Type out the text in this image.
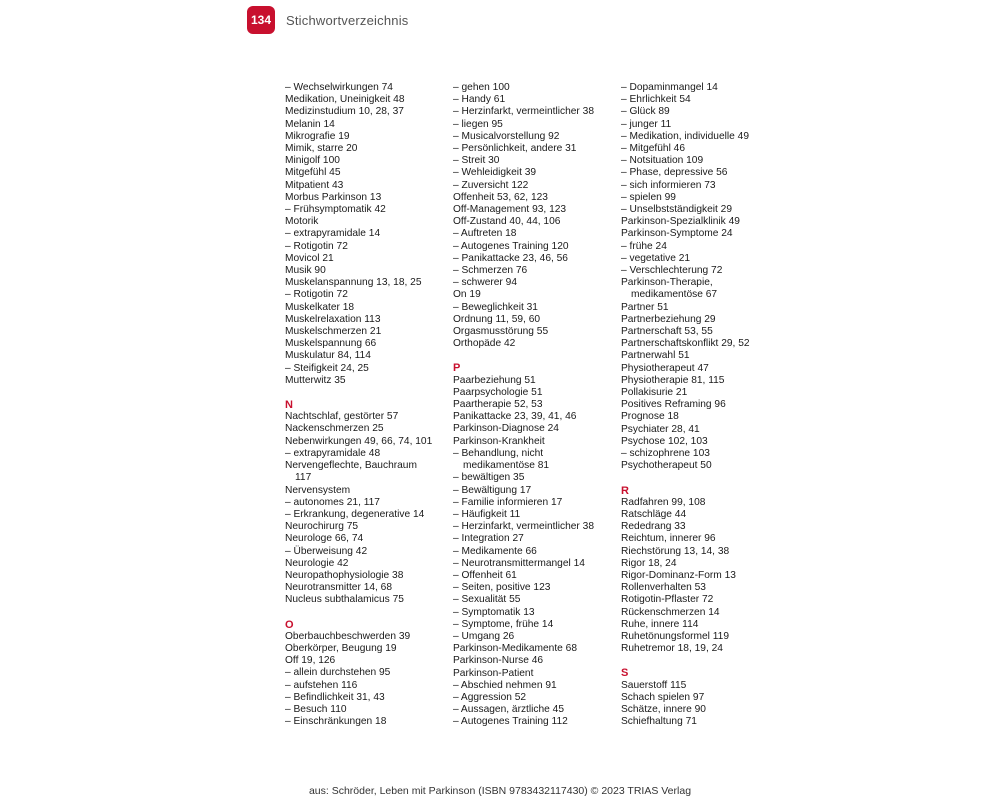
134	Stichwortverzeichnis
– Wechselwirkungen 74
Medikation, Uneinigkeit 48
Medizinstudium 10, 28, 37
Melanin 14
Mikrografie 19
Mimik, starre 20
Minigolf 100
Mitgefühl 45
Mitpatient 43
Morbus Parkinson 13
– Frühsymptomatik 42
Motorik
– extrapyramidale 14
– Rotigotin 72
Movicol 21
Musik 90
Muskelanspannung 13, 18, 25
– Rotigotin 72
Muskelkater 18
Muskelrelaxation 113
Muskelschmerzen 21
Muskelspannung 66
Muskulatur 84, 114
– Steifigkeit 24, 25
Mutterwitz 35
N
Nachtschlaf, gestörter 57
Nackenschmerzen 25
Nebenwirkungen 49, 66, 74, 101
– extrapyramidale 48
Nervengeflechte, Bauchraum
117
Nervensystem
– autonomes 21, 117
– Erkrankung, degenerative 14
Neurochirurg 75
Neurologe 66, 74
– Überweisung 42
Neurologie 42
Neuropathophysiologie 38
Neurotransmitter 14, 68
Nucleus subthalamicus 75
O
Oberbauchbeschwerden 39
Oberkörper, Beugung 19
Off 19, 126
– allein durchstehen 95
– aufstehen 116
– Befindlichkeit 31, 43
– Besuch 110
– Einschränkungen 18
– gehen 100
– Handy 61
– Herzinfarkt, vermeintlicher 38
– liegen 95
– Musicalvorstellung 92
– Persönlichkeit, andere 31
– Streit 30
– Wehleidigkeit 39
– Zuversicht 122
Offenheit 53, 62, 123
Off-Management 93, 123
Off-Zustand 40, 44, 106
– Auftreten 18
– Autogenes Training 120
– Panikattacke 23, 46, 56
– Schmerzen 76
– schwerer 94
On 19
– Beweglichkeit 31
Ordnung 11, 59, 60
Orgasmusstörung 55
Orthopäde 42
P
Paarbeziehung 51
Paarpsychologie 51
Paartherapie 52, 53
Panikattacke 23, 39, 41, 46
Parkinson-Diagnose 24
Parkinson-Krankheit
– Behandlung, nicht
medikamentöse 81
– bewältigen 35
– Bewältigung 17
– Familie informieren 17
– Häufigkeit 11
– Herzinfarkt, vermeintlicher 38
– Integration 27
– Medikamente 66
– Neurotransmittermangel 14
– Offenheit 61
– Seiten, positive 123
– Sexualität 55
– Symptomatik 13
– Symptome, frühe 14
– Umgang 26
Parkinson-Medikamente 68
Parkinson-Nurse 46
Parkinson-Patient
– Abschied nehmen 91
– Aggression 52
– Aussagen, ärztliche 45
– Autogenes Training 112
– Dopaminmangel 14
– Ehrlichkeit 54
– Glück 89
– junger 11
– Medikation, individuelle 49
– Mitgefühl 46
– Notsituation 109
– Phase, depressive 56
– sich informieren 73
– spielen 99
– Unselbstständigkeit 29
Parkinson-Spezialklinik 49
Parkinson-Symptome 24
– frühe 24
– vegetative 21
– Verschlechterung 72
Parkinson-Therapie,
medikamentöse 67
Partner 51
Partnerbeziehung 29
Partnerschaft 53, 55
Partnerschaftskonflikt 29, 52
Partnerwahl 51
Physiotherapeut 47
Physiotherapie 81, 115
Pollakisurie 21
Positives Reframing 96
Prognose 18
Psychiater 28, 41
Psychose 102, 103
– schizophrene 103
Psychotherapeut 50
R
Radfahren 99, 108
Ratschläge 44
Rededrang 33
Reichtum, innerer 96
Riechstörung 13, 14, 38
Rigor 18, 24
Rigor-Dominanz-Form 13
Rollenverhalten 53
Rotigotin-Pflaster 72
Rückenschmerzen 14
Ruhe, innere 114
Ruhetönungsformel 119
Ruhetremor 18, 19, 24
S
Sauerstoff 115
Schach spielen 97
Schätze, innere 90
Schiefhaltung 71
aus: Schröder, Leben mit Parkinson (ISBN 9783432117430) © 2023 TRIAS Verlag
